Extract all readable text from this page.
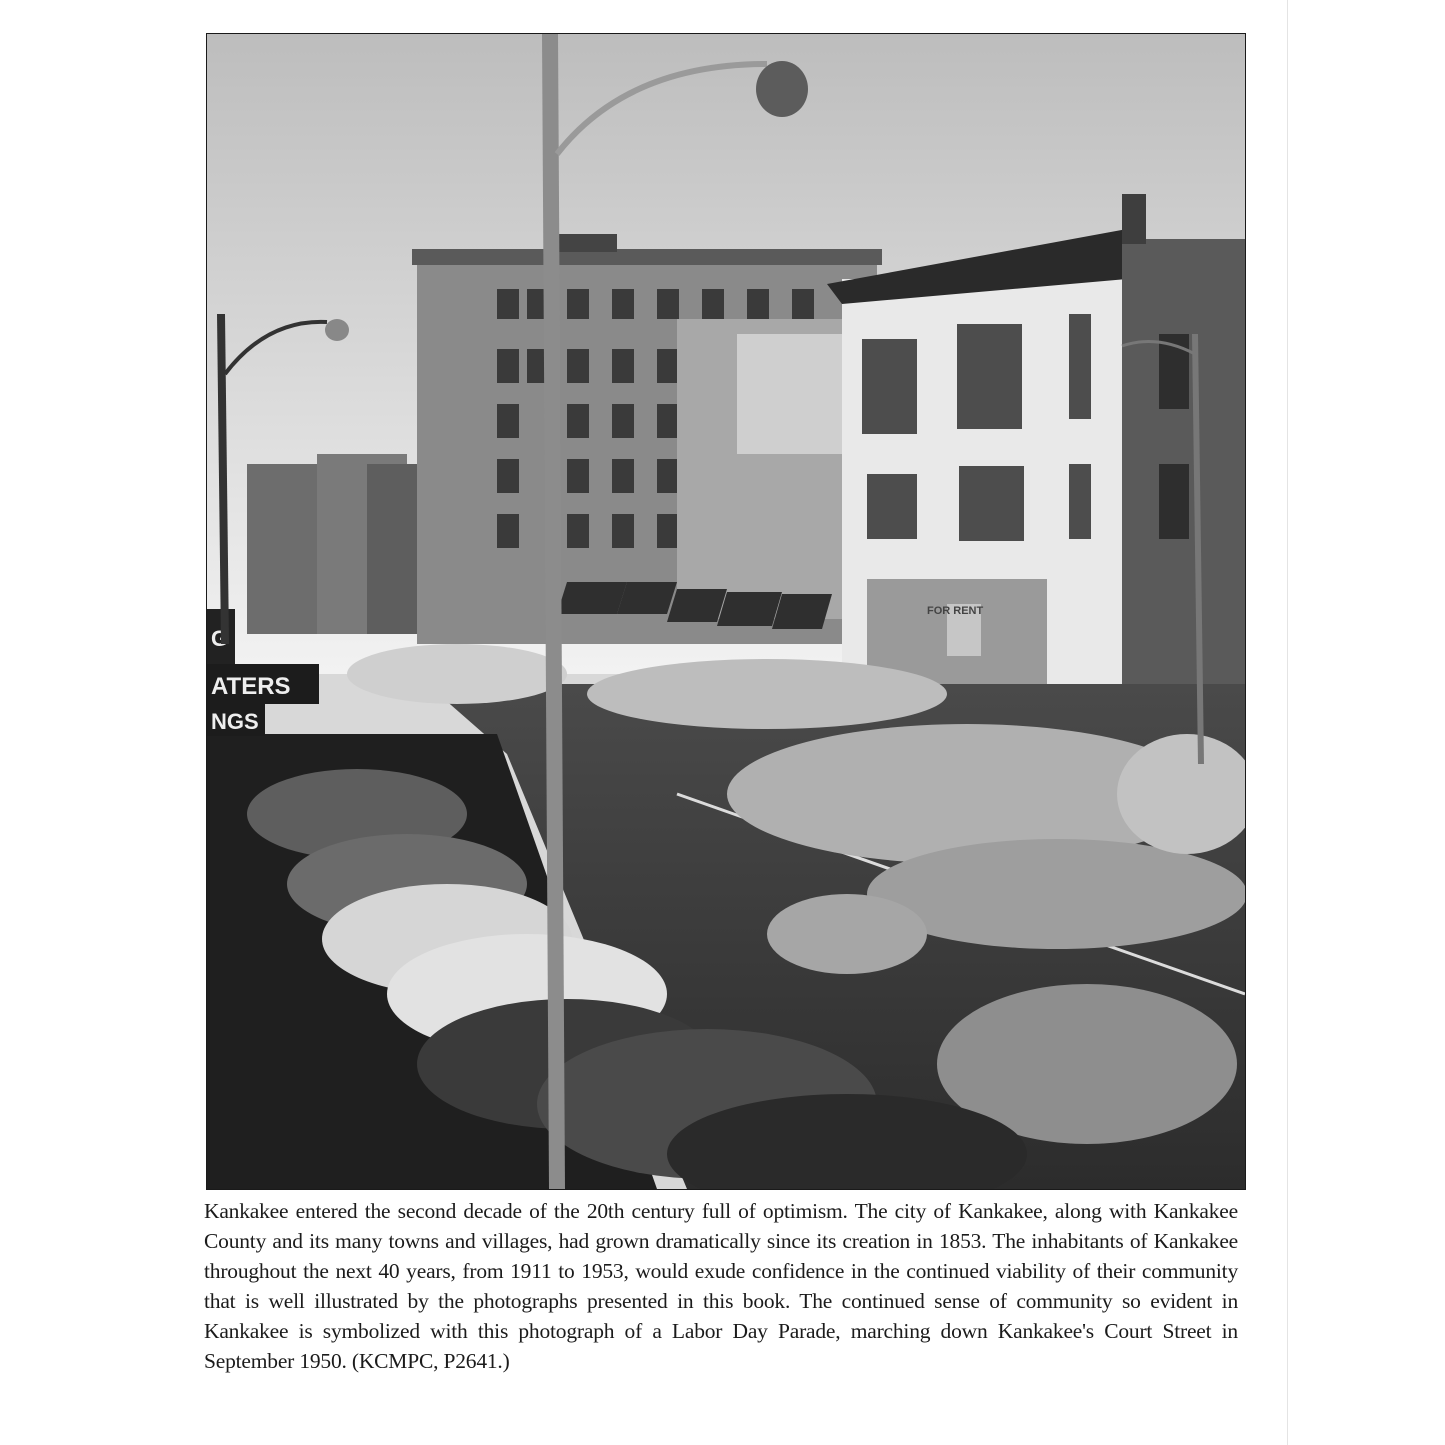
G
ATERS
NGS
FOR RENT

Kankakee entered the second decade of the 20th century full of optimism. The city of Kankakee, along with Kankakee County and its many towns and villages, had grown dramatically since its creation in 1853. The inhabitants of Kankakee throughout the next 40 years, from 1911 to 1953, would exude confidence in the continued viability of their community that is well illustrated by the photographs presented in this book. The continued sense of community so evident in Kankakee is symbolized with this photograph of a Labor Day Parade, marching down Kankakee's Court Street in September 1950. (KCMPC, P2641.)
